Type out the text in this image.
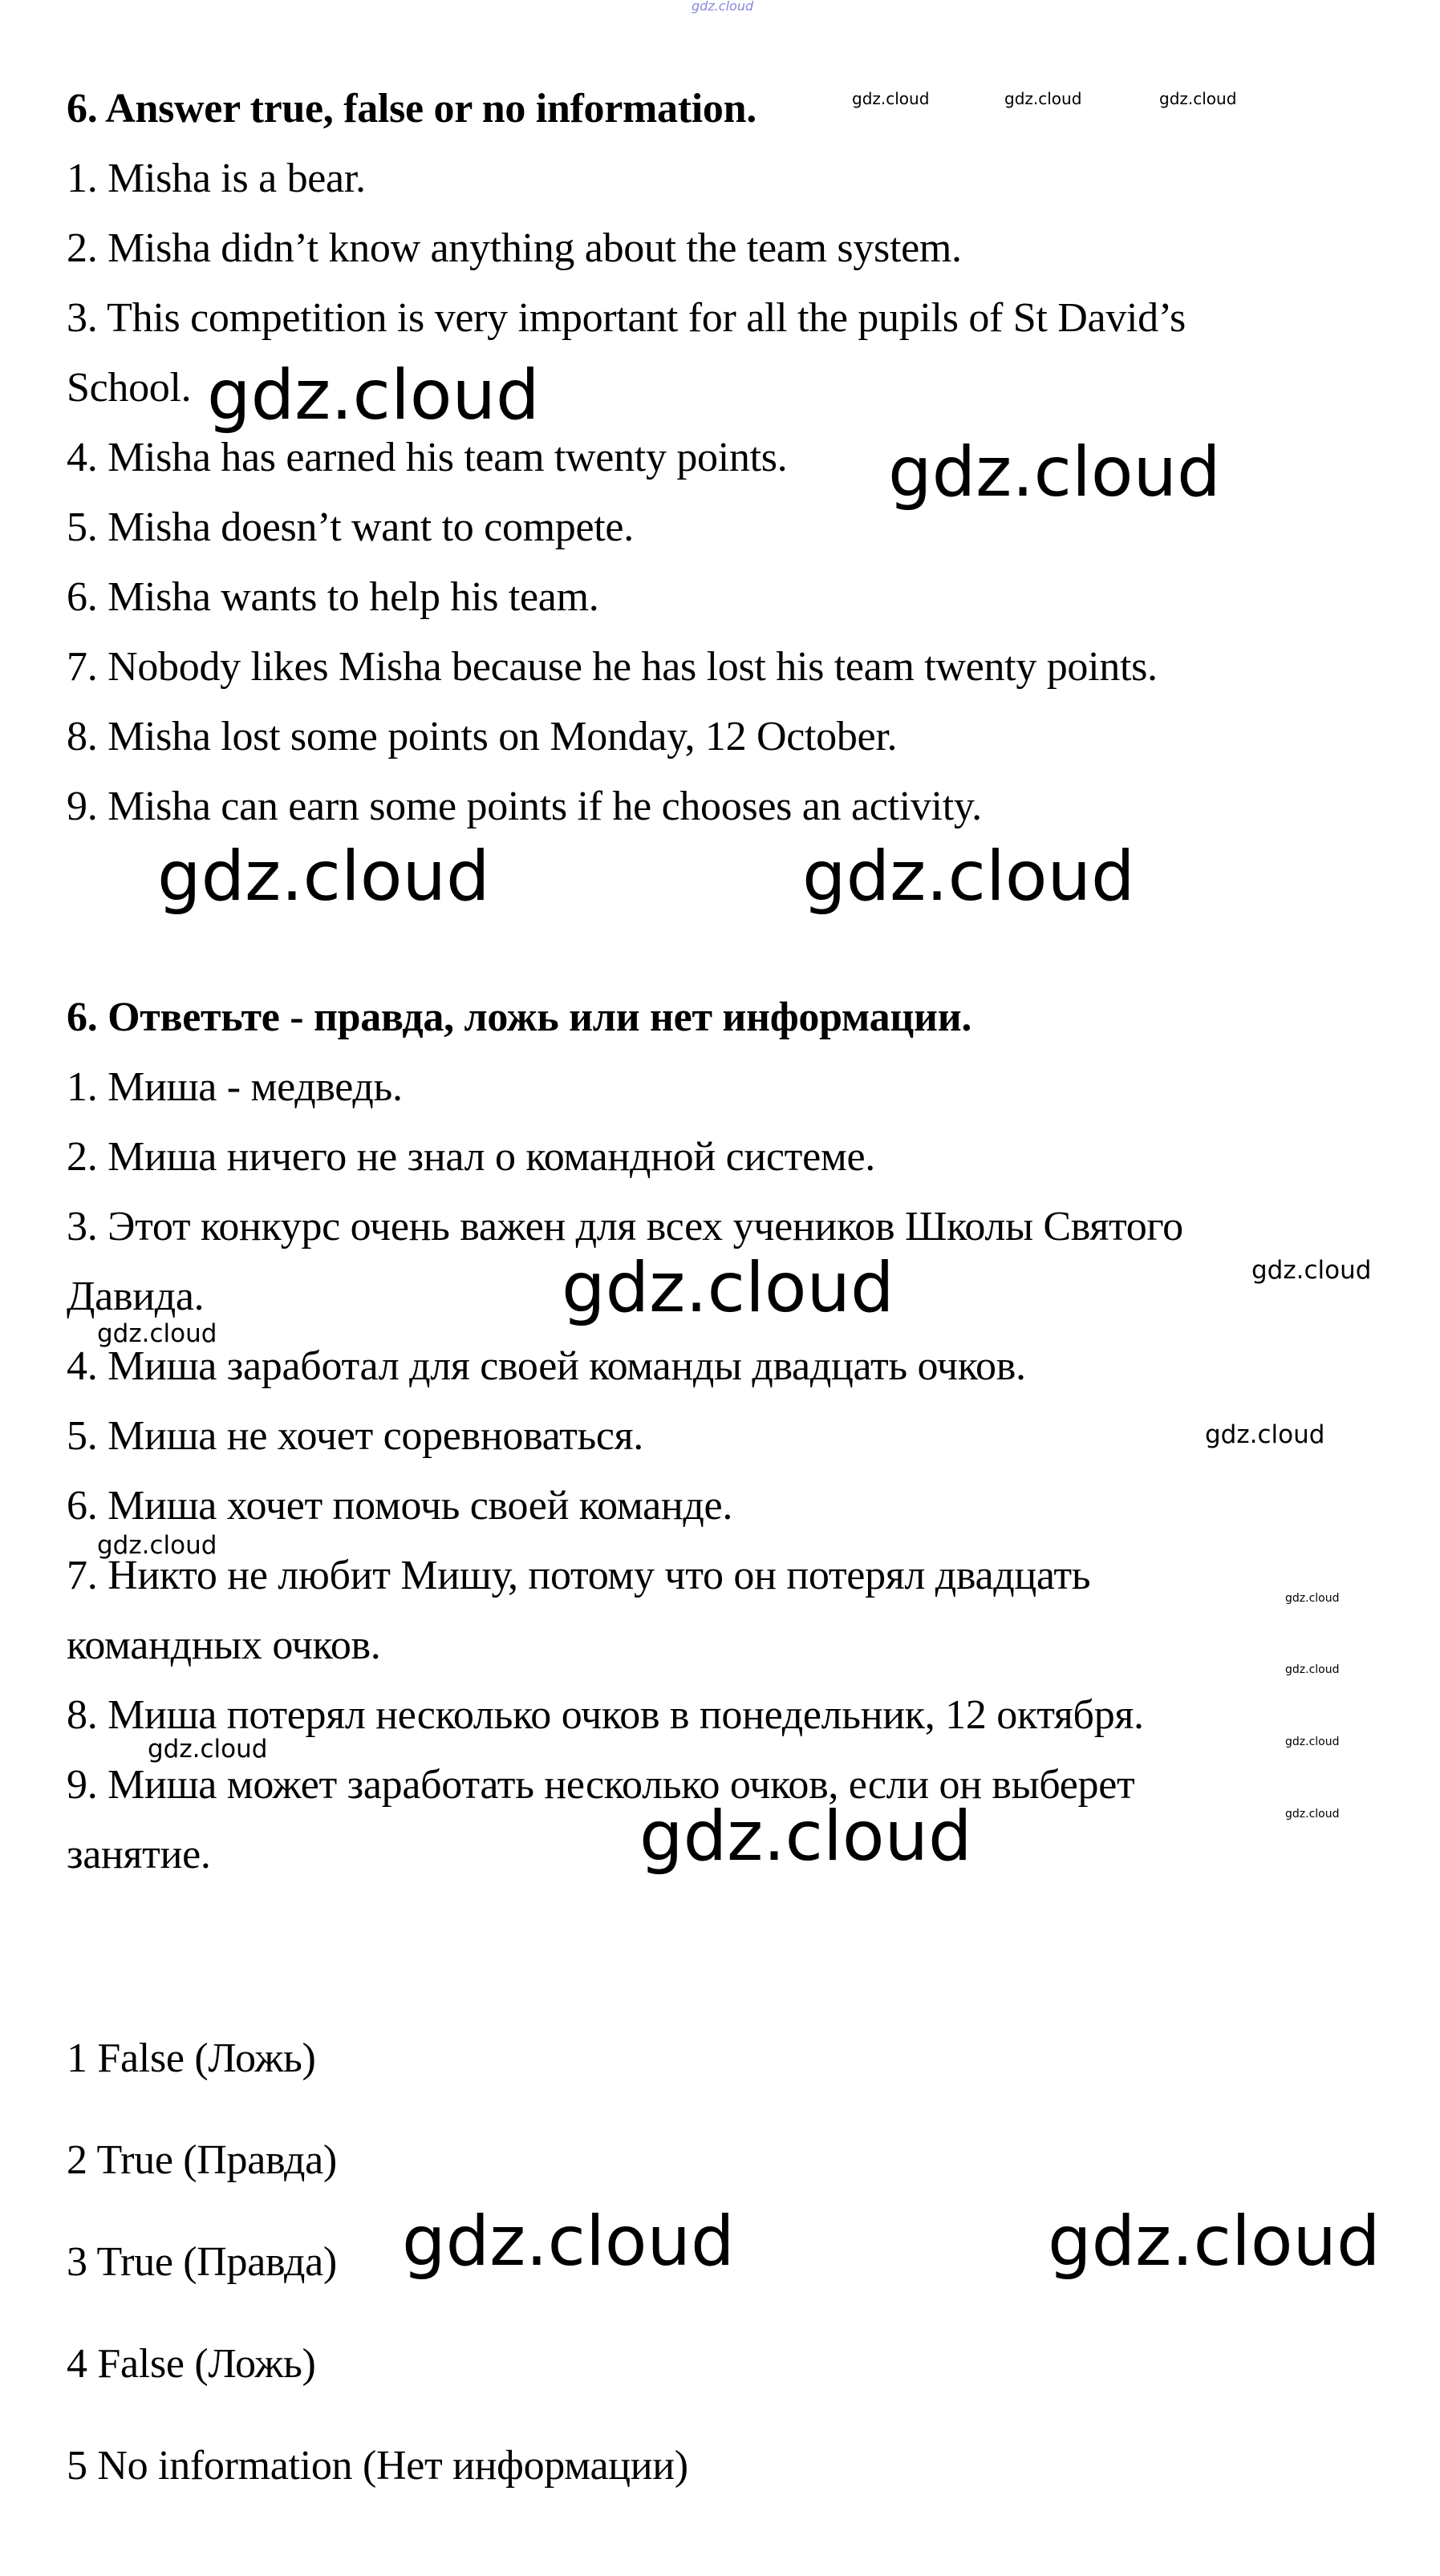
gdz.cloud

6. Answer true, false or no information.

1. Misha is a bear.

2. Misha didn’t know anything about the team system.

3. This competition is very important for all the pupils of St David’s

School.

4. Misha has earned his team twenty points.

5. Misha doesn’t want to compete.

6. Misha wants to help his team.

7. Nobody likes Misha because he has lost his team twenty points.

8. Misha lost some points on Monday, 12 October.

9. Misha can earn some points if he chooses an activity.

6. Ответьте - правда, ложь или нет информации.

1. Миша - медведь.

2. Миша ничего не знал о командной системе.

3. Этот конкурс очень важен для всех учеников Школы Святого

Давида.

4. Миша заработал для своей команды двадцать очков.

5. Миша не хочет соревноваться.

6. Миша хочет помочь своей команде.

7. Никто не любит Мишу, потому что он потерял двадцать

командных очков.

8. Миша потерял несколько очков в понедельник, 12 октября.

9. Миша может заработать несколько очков, если он выберет

занятие.

1 False (Ложь)

2 True (Правда)

3 True (Правда)

4 False (Ложь)

5 No information (Нет информации)

gdz.cloud	gdz.cloud	gdz.cloud
gdz.cloud
gdz.cloud
gdz.cloud	gdz.cloud
gdz.cloud	gdz.cloud
gdz.cloud
gdz.cloud
gdz.cloud
gdz.cloud
gdz.cloud
gdz.cloud	gdz.cloud
gdz.cloud
gdz.cloud
gdz.cloud	gdz.cloud
